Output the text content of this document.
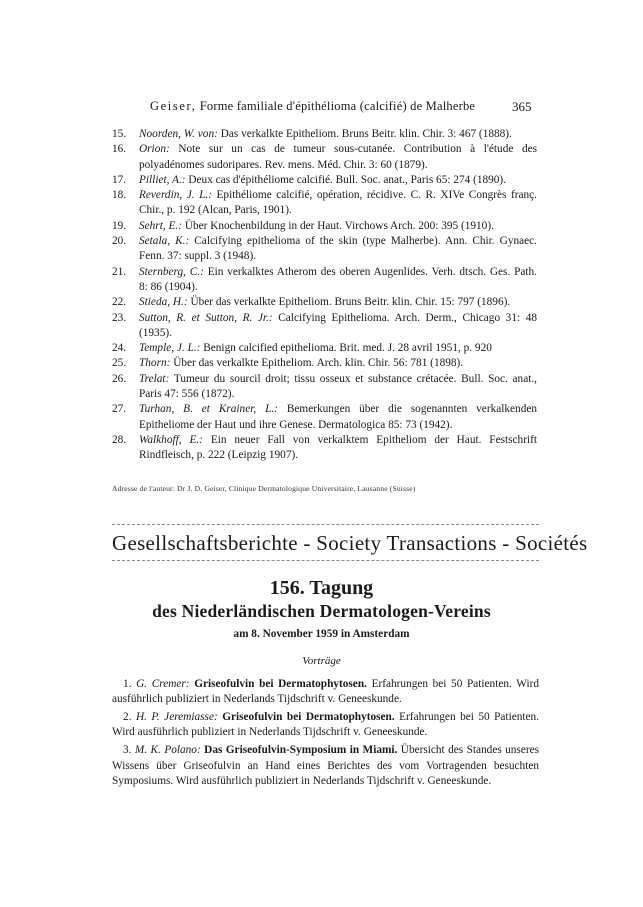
Geiser, Forme familiale d'épithélioma (calcifié) de Malherbe	365
15.	Noorden, W. von: Das verkalkte Epitheliom. Bruns Beitr. klin. Chir. 3: 467 (1888).
16.	Orion: Note sur un cas de tumeur sous-cutanée. Contribution à l'étude des polyadénomes sudoripares. Rev. mens. Méd. Chir. 3: 60 (1879).
17.	Pilliet, A.: Deux cas d'épithéliome calcifié. Bull. Soc. anat., Paris 65: 274 (1890).
18.	Reverdin, J. L.: Epithéliome calcifié, opération, récidive. C. R. XIVe Congrès franç. Chir., p. 192 (Alcan, Paris, 1901).
19.	Sehrt, E.: Über Knochenbildung in der Haut. Virchows Arch. 200: 395 (1910).
20.	Setala, K.: Calcifying epithelioma of the skin (type Malherbe). Ann. Chir. Gynaec. Fenn. 37: suppl. 3 (1948).
21.	Sternberg, C.: Ein verkalktes Atherom des oberen Augenlides. Verh. dtsch. Ges. Path. 8: 86 (1904).
22.	Stieda, H.: Über das verkalkte Epitheliom. Bruns Beitr. klin. Chir. 15: 797 (1896).
23.	Sutton, R. et Sutton, R. Jr.: Calcifying Epithelioma. Arch. Derm., Chicago 31: 48 (1935).
24.	Temple, J. L.: Benign calcified epithelioma. Brit. med. J. 28 avril 1951, p. 920
25.	Thorn: Über das verkalkte Epitheliom. Arch. klin. Chir. 56: 781 (1898).
26.	Trelat: Tumeur du sourcil droit; tissu osseux et substance crétacée. Bull. Soc. anat., Paris 47: 556 (1872).
27.	Turhan, B. et Krainer, L.: Bemerkungen über die sogenannten verkalkenden Epitheliome der Haut und ihre Genese. Dermatologica 85: 73 (1942).
28.	Walkhoff, E.: Ein neuer Fall von verkalktem Epitheliom der Haut. Festschrift Rindfleisch, p. 222 (Leipzig 1907).
Adresse de l'auteur: Dr J. D. Geiser, Clinique Dermatologique Universitaire, Lausanne (Suisse)
Gesellschaftsberichte - Society Transactions - Sociétés
156. Tagung
des Niederländischen Dermatologen-Vereins
am 8. November 1959 in Amsterdam
Vorträge
1. G. Cremer: Griseofulvin bei Dermatophytosen. Erfahrungen bei 50 Patienten. Wird ausführlich publiziert in Nederlands Tijdschrift v. Geneeskunde.
2. H. P. Jeremiasse: Griseofulvin bei Dermatophytosen. Erfahrungen bei 50 Patienten. Wird ausführlich publiziert in Nederlands Tijdschrift v. Geneeskunde.
3. M. K. Polano: Das Griseofulvin-Symposium in Miami. Übersicht des Standes unseres Wissens über Griseofulvin an Hand eines Berichtes des vom Vortragenden besuchten Symposiums. Wird ausführlich publiziert in Nederlands Tijdschrift v. Geneeskunde.
